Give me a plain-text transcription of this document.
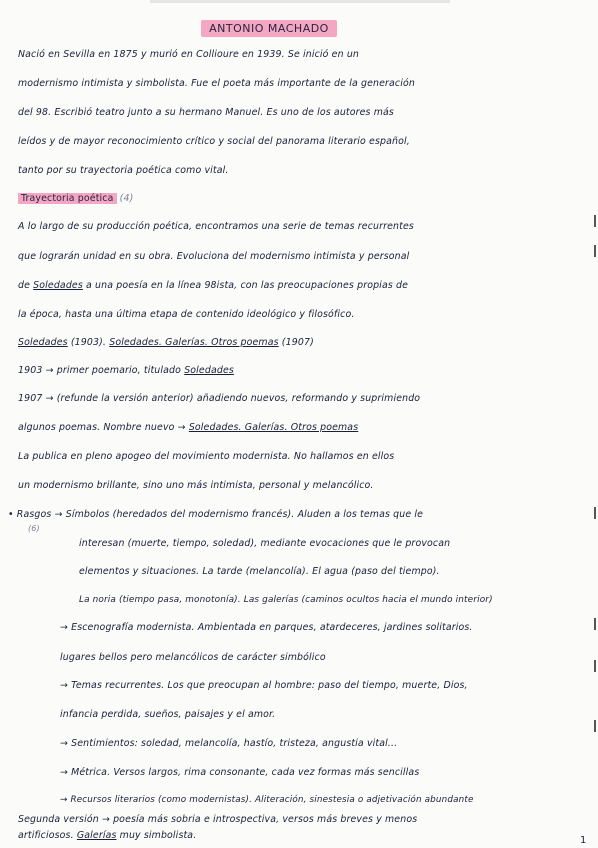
ANTONIO MACHADO
Nació en Sevilla en 1875 y murió en Collioure en 1939. Se inició en un
modernismo intimista y simbolista. Fue el poeta más importante de la generación
del 98. Escribió teatro junto a su hermano Manuel. Es uno de los autores más
leídos y de mayor reconocimiento crítico y social del panorama literario español,
tanto por su trayectoria poética como vital.
Trayectoria poética (4)
A lo largo de su producción poética, encontramos una serie de temas recurrentes
que lograrán unidad en su obra. Evoluciona del modernismo intimista y personal
de Soledades a una poesía en la línea 98ista, con las preocupaciones propias de
la época, hasta una última etapa de contenido ideológico y filosófico.
Soledades (1903). Soledades. Galerías. Otros poemas (1907)
1903 → primer poemario, titulado Soledades
1907 → (refunde la versión anterior) añadiendo nuevos, reformando y suprimiendo
algunos poemas. Nombre nuevo → Soledades. Galerías. Otros poemas
La publica en pleno apogeo del movimiento modernista. No hallamos en ellos
un modernismo brillante, sino uno más intimista, personal y melancólico.
• Rasgos → Símbolos (heredados del modernismo francés). Aluden a los temas que le
(6)
interesan (muerte, tiempo, soledad), mediante evocaciones que le provocan
elementos y situaciones. La tarde (melancolía). El agua (paso del tiempo).
La noria (tiempo pasa, monotonía). Las galerías (caminos ocultos hacia el mundo interior)
→ Escenografía modernista. Ambientada en parques, atardeceres, jardines solitarios.
lugares bellos pero melancólicos de carácter simbólico
→ Temas recurrentes. Los que preocupan al hombre: paso del tiempo, muerte, Dios,
infancia perdida, sueños, paisajes y el amor.
→ Sentimientos: soledad, melancolía, hastío, tristeza, angustia vital...
→ Métrica. Versos largos, rima consonante, cada vez formas más sencillas
→ Recursos literarios (como modernistas). Aliteración, sinestesia o adjetivación abundante
Segunda versión → poesía más sobria e introspectiva, versos más breves y menos
artificiosos. Galerías muy simbolista.	1
